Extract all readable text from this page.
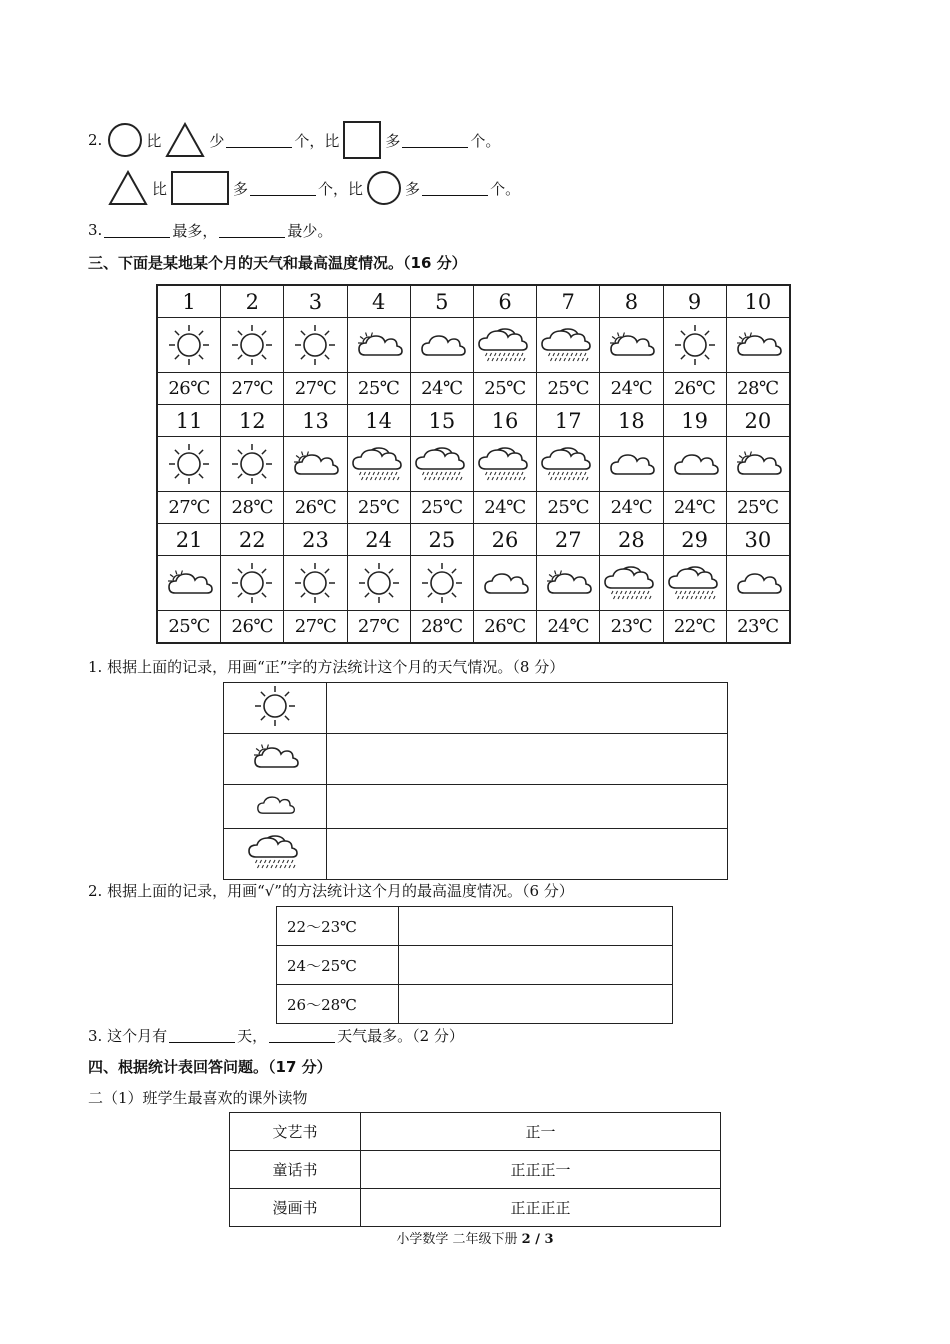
2.	比	少	个，比	多	个。
比	多	个，比	多	个。
3.	最多，	最少。
三、下面是某地某个月的天气和最高温度情况。（16 分）
1	2	3	4	5	6	7	8	9	10

26℃	27℃	27℃	25℃	24℃	25℃	25℃	24℃	26℃	28℃
11	12	13	14	15	16	17	18	19	20

27℃	28℃	26℃	25℃	25℃	24℃	25℃	24℃	24℃	25℃
21	22	23	24	25	26	27	28	29	30

25℃	26℃	27℃	27℃	28℃	26℃	24℃	23℃	22℃	23℃
1. 根据上面的记录，用画“正”字的方法统计这个月的天气情况。（8 分）

2. 根据上面的记录，用画“√”的方法统计这个月的最高温度情况。（6 分）
22～23℃	
24～25℃	
26～28℃	
3. 这个月有	天，	天气最多。（2 分）
四、根据统计表回答问题。（17 分）
二（1）班学生最喜欢的课外读物
文艺书	正一
童话书	正正正一
漫画书	正正正正
小学数学 二年级下册 2 / 3
